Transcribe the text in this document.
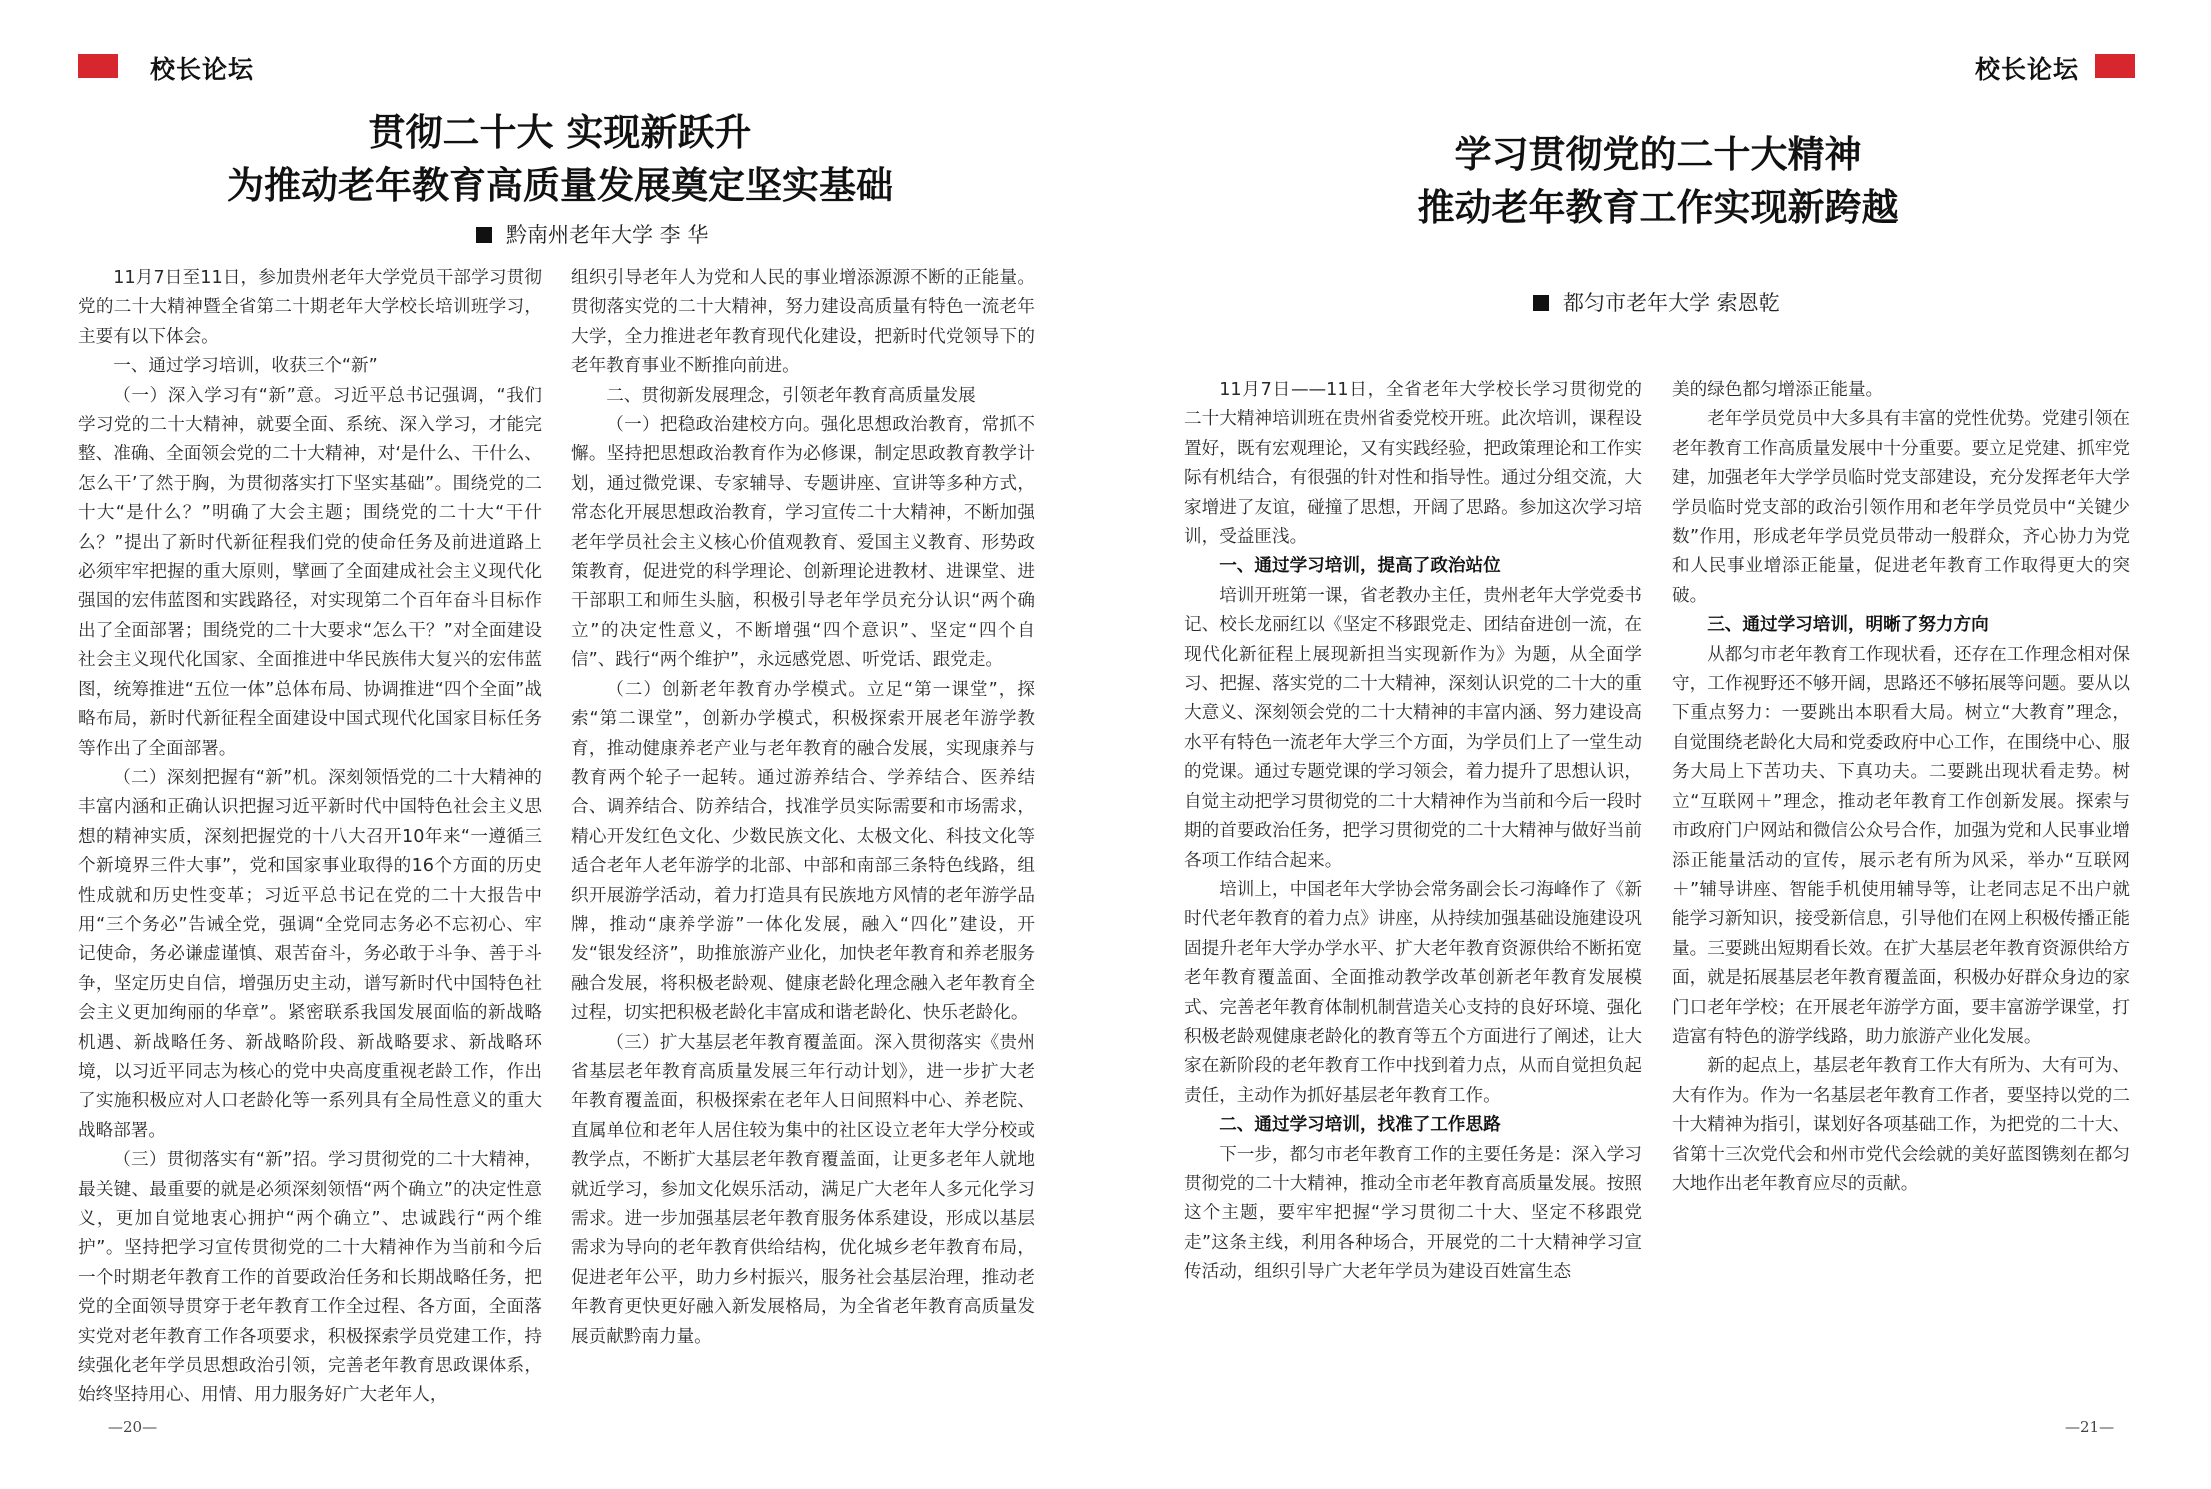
校长论坛
贯彻二十大 实现新跃升
为推动老年教育高质量发展奠定坚实基础
黔南州老年大学 李 华

11月7日至11日，参加贵州老年大学党员干部学习贯彻党的二十大精神暨全省第二十期老年大学校长培训班学习，主要有以下体会。

一、通过学习培训，收获三个“新”

（一）深入学习有“新”意。习近平总书记强调，“我们学习党的二十大精神，就要全面、系统、深入学习，才能完整、准确、全面领会党的二十大精神，对‘是什么、干什么、怎么干’了然于胸，为贯彻落实打下坚实基础”。围绕党的二十大“是什么？”明确了大会主题；围绕党的二十大“干什么？”提出了新时代新征程我们党的使命任务及前进道路上必须牢牢把握的重大原则，擘画了全面建成社会主义现代化强国的宏伟蓝图和实践路径，对实现第二个百年奋斗目标作出了全面部署；围绕党的二十大要求“怎么干？”对全面建设社会主义现代化国家、全面推进中华民族伟大复兴的宏伟蓝图，统筹推进“五位一体”总体布局、协调推进“四个全面”战略布局，新时代新征程全面建设中国式现代化国家目标任务等作出了全面部署。

（二）深刻把握有“新”机。深刻领悟党的二十大精神的丰富内涵和正确认识把握习近平新时代中国特色社会主义思想的精神实质，深刻把握党的十八大召开10年来“一遵循三个新境界三件大事”，党和国家事业取得的16个方面的历史性成就和历史性变革；习近平总书记在党的二十大报告中用“三个务必”告诫全党，强调“全党同志务必不忘初心、牢记使命，务必谦虚谨慎、艰苦奋斗，务必敢于斗争、善于斗争，坚定历史自信，增强历史主动，谱写新时代中国特色社会主义更加绚丽的华章”。紧密联系我国发展面临的新战略机遇、新战略任务、新战略阶段、新战略要求、新战略环境，以习近平同志为核心的党中央高度重视老龄工作，作出了实施积极应对人口老龄化等一系列具有全局性意义的重大战略部署。

（三）贯彻落实有“新”招。学习贯彻党的二十大精神，最关键、最重要的就是必须深刻领悟“两个确立”的决定性意义，更加自觉地衷心拥护“两个确立”、忠诚践行“两个维护”。坚持把学习宣传贯彻党的二十大精神作为当前和今后一个时期老年教育工作的首要政治任务和长期战略任务，把党的全面领导贯穿于老年教育工作全过程、各方面，全面落实党对老年教育工作各项要求，积极探索学员党建工作，持续强化老年学员思想政治引领，完善老年教育思政课体系，始终坚持用心、用情、用力服务好广大老年人，

组织引导老年人为党和人民的事业增添源源不断的正能量。贯彻落实党的二十大精神，努力建设高质量有特色一流老年大学，全力推进老年教育现代化建设，把新时代党领导下的老年教育事业不断推向前进。

二、贯彻新发展理念，引领老年教育高质量发展

（一）把稳政治建校方向。强化思想政治教育，常抓不懈。坚持把思想政治教育作为必修课，制定思政教育教学计划，通过微党课、专家辅导、专题讲座、宣讲等多种方式，常态化开展思想政治教育，学习宣传二十大精神，不断加强老年学员社会主义核心价值观教育、爱国主义教育、形势政策教育，促进党的科学理论、创新理论进教材、进课堂、进干部职工和师生头脑，积极引导老年学员充分认识“两个确立”的决定性意义，不断增强“四个意识”、坚定“四个自信”、践行“两个维护”，永远感党恩、听党话、跟党走。

（二）创新老年教育办学模式。立足“第一课堂”，探索“第二课堂”，创新办学模式，积极探索开展老年游学教育，推动健康养老产业与老年教育的融合发展，实现康养与教育两个轮子一起转。通过游养结合、学养结合、医养结合、调养结合、防养结合，找准学员实际需要和市场需求，精心开发红色文化、少数民族文化、太极文化、科技文化等适合老年人老年游学的北部、中部和南部三条特色线路，组织开展游学活动，着力打造具有民族地方风情的老年游学品牌，推动“康养学游”一体化发展，融入“四化”建设，开发“银发经济”，助推旅游产业化，加快老年教育和养老服务融合发展，将积极老龄观、健康老龄化理念融入老年教育全过程，切实把积极老龄化丰富成和谐老龄化、快乐老龄化。

（三）扩大基层老年教育覆盖面。深入贯彻落实《贵州省基层老年教育高质量发展三年行动计划》，进一步扩大老年教育覆盖面，积极探索在老年人日间照料中心、养老院、直属单位和老年人居住较为集中的社区设立老年大学分校或教学点，不断扩大基层老年教育覆盖面，让更多老年人就地就近学习，参加文化娱乐活动，满足广大老年人多元化学习需求。进一步加强基层老年教育服务体系建设，形成以基层需求为导向的老年教育供给结构，优化城乡老年教育布局，促进老年公平，助力乡村振兴，服务社会基层治理，推动老年教育更快更好融入新发展格局，为全省老年教育高质量发展贡献黔南力量。

—20—
校长论坛
学习贯彻党的二十大精神
推动老年教育工作实现新跨越
都匀市老年大学 索恩乾

11月7日——11日，全省老年大学校长学习贯彻党的二十大精神培训班在贵州省委党校开班。此次培训，课程设置好，既有宏观理论，又有实践经验，把政策理论和工作实际有机结合，有很强的针对性和指导性。通过分组交流，大家增进了友谊，碰撞了思想，开阔了思路。参加这次学习培训，受益匪浅。

一、通过学习培训，提高了政治站位

培训开班第一课，省老教办主任，贵州老年大学党委书记、校长龙丽红以《坚定不移跟党走、团结奋进创一流，在现代化新征程上展现新担当实现新作为》为题，从全面学习、把握、落实党的二十大精神，深刻认识党的二十大的重大意义、深刻领会党的二十大精神的丰富内涵、努力建设高水平有特色一流老年大学三个方面，为学员们上了一堂生动的党课。通过专题党课的学习领会，着力提升了思想认识，自觉主动把学习贯彻党的二十大精神作为当前和今后一段时期的首要政治任务，把学习贯彻党的二十大精神与做好当前各项工作结合起来。

培训上，中国老年大学协会常务副会长刁海峰作了《新时代老年教育的着力点》讲座，从持续加强基础设施建设巩固提升老年大学办学水平、扩大老年教育资源供给不断拓宽老年教育覆盖面、全面推动教学改革创新老年教育发展模式、完善老年教育体制机制营造关心支持的良好环境、强化积极老龄观健康老龄化的教育等五个方面进行了阐述，让大家在新阶段的老年教育工作中找到着力点，从而自觉担负起责任，主动作为抓好基层老年教育工作。

二、通过学习培训，找准了工作思路

下一步，都匀市老年教育工作的主要任务是：深入学习贯彻党的二十大精神，推动全市老年教育高质量发展。按照这个主题，要牢牢把握“学习贯彻二十大、坚定不移跟党走”这条主线，利用各种场合，开展党的二十大精神学习宣传活动，组织引导广大老年学员为建设百姓富生态

美的绿色都匀增添正能量。

老年学员党员中大多具有丰富的党性优势。党建引领在老年教育工作高质量发展中十分重要。要立足党建、抓牢党建，加强老年大学学员临时党支部建设，充分发挥老年大学学员临时党支部的政治引领作用和老年学员党员中“关键少数”作用，形成老年学员党员带动一般群众，齐心协力为党和人民事业增添正能量，促进老年教育工作取得更大的突破。

三、通过学习培训，明晰了努力方向

从都匀市老年教育工作现状看，还存在工作理念相对保守，工作视野还不够开阔，思路还不够拓展等问题。要从以下重点努力：一要跳出本职看大局。树立“大教育”理念，自觉围绕老龄化大局和党委政府中心工作，在围绕中心、服务大局上下苦功夫、下真功夫。二要跳出现状看走势。树立“互联网＋”理念，推动老年教育工作创新发展。探索与市政府门户网站和微信公众号合作，加强为党和人民事业增添正能量活动的宣传，展示老有所为风采，举办“互联网＋”辅导讲座、智能手机使用辅导等，让老同志足不出户就能学习新知识，接受新信息，引导他们在网上积极传播正能量。三要跳出短期看长效。在扩大基层老年教育资源供给方面，就是拓展基层老年教育覆盖面，积极办好群众身边的家门口老年学校；在开展老年游学方面，要丰富游学课堂，打造富有特色的游学线路，助力旅游产业化发展。

新的起点上，基层老年教育工作大有所为、大有可为、大有作为。作为一名基层老年教育工作者，要坚持以党的二十大精神为指引，谋划好各项基础工作，为把党的二十大、省第十三次党代会和州市党代会绘就的美好蓝图镌刻在都匀大地作出老年教育应尽的贡献。

—21—
